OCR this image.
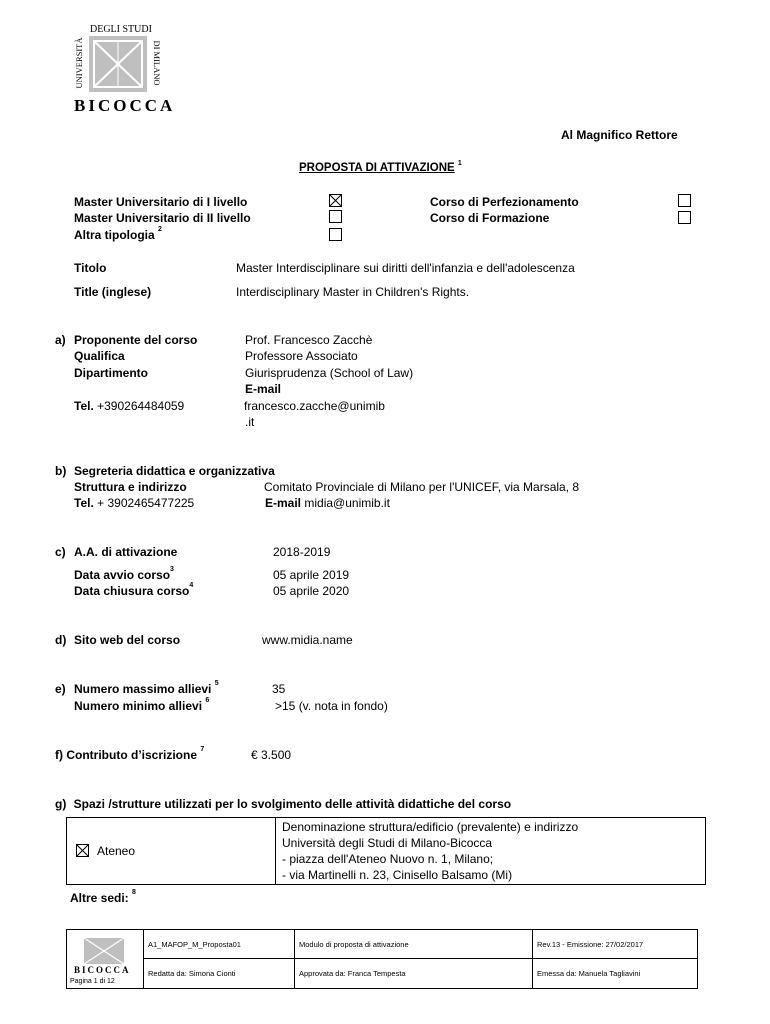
UNIVERSITÀ
DEGLI STUDI
DI MILANO
BICOCCA
Al Magnifico Rettore
PROPOSTA DI ATTIVAZIONE $^1$
Master Universitario di I livello
Master Universitario di II livello
Altra tipologia $^2$
Corso di Perfezionamento
Corso di Formazione
Titolo	Master Interdisciplinare sui diritti dell'infanzia e dell'adolescenza
Title (inglese)	Interdisciplinary Master in Children's Rights.
a) Proponente del corso	Prof. Francesco Zacchè
Qualifica	Professore Associato
Dipartimento	Giurisprudenza (School of Law)
E-mail
Tel. +390264484059	francesco.zacche@unimib
.it
b) Segreteria didattica e organizzativa
Struttura e indirizzo	Comitato Provinciale di Milano per l'UNICEF, via Marsala, 8
Tel. + 3902465477225	E-mail midia@unimib.it
c) A.A. di attivazione	2018-2019
Data avvio corso$^3$	05 aprile 2019
Data chiusura corso$^4$	05 aprile 2020
d) Sito web del corso	www.midia.name
e) Numero massimo allievi $^5$	35
Numero minimo allievi $^6$	>15 (v. nota in fondo)
f) Contributo d’iscrizione $^7$	€ 3.500
g) Spazi /strutture utilizzati per lo svolgimento delle attività didattiche del corso
Ateneo
Denominazione struttura/edificio (prevalente) e indirizzo
Università degli Studi di Milano-Bicocca
- piazza dell'Ateneo Nuovo n. 1, Milano;
- via Martinelli n. 23, Cinisello Balsamo (Mi)
Altre sedi: $^8$
BICOCCA
Pagina 1 di 12
A1_MAFOP_M_Proposta01	Modulo di proposta di attivazione	Rev.13 - Emissione: 27/02/2017
Redatta da: Simona Cionti	Approvata da: Franca Tempesta	Emessa da: Manuela Tagliavini
